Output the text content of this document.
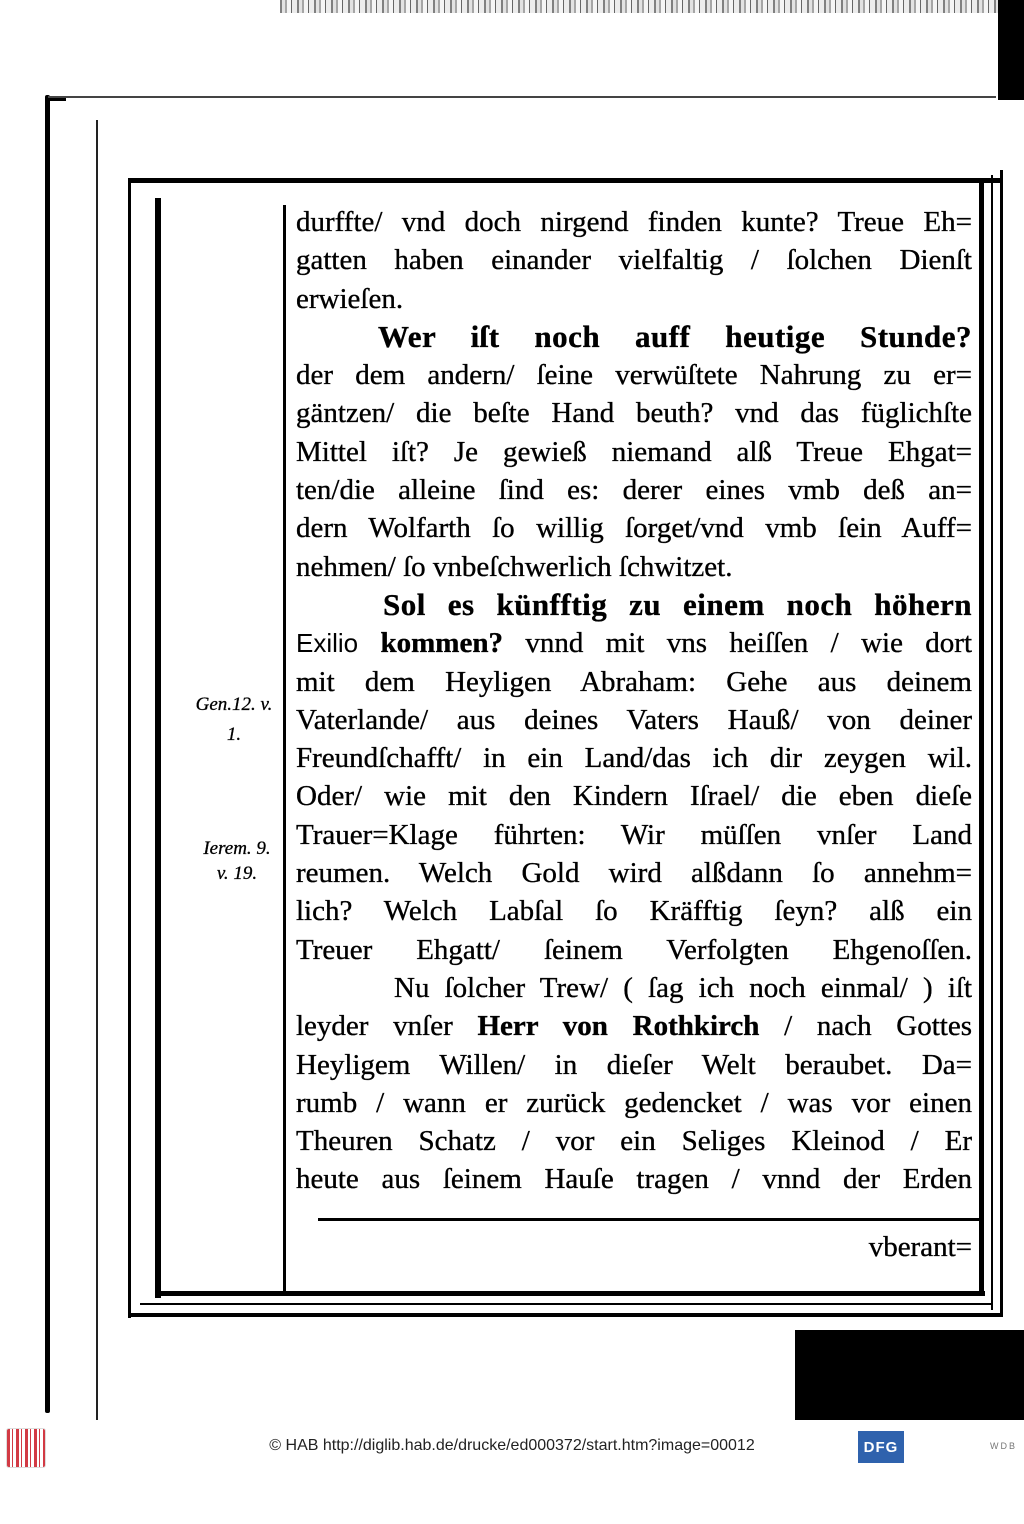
durffte/ vnd doch nirgend finden kunte? Treue Eh=
gatten haben einander vielfaltig / ſolchen Dienſt
erwieſen.
Wer iſt noch auff heutige Stunde?
der dem andern/ ſeine verwüſtete Nahrung zu er=
gäntzen/ die beſte Hand beuth? vnd das füglichſte
Mittel iſt? Je gewieß niemand alß Treue Ehgat=
ten/die alleine ſind es: derer eines vmb deß an=
dern Wolfarth ſo willig ſorget/vnd vmb ſein Auff=
nehmen/ ſo vnbeſchwerlich ſchwitzet.
Sol es künfftig zu einem noch höhern
Exilio kommen? vnnd mit vns heiſſen / wie dort
mit dem Heyligen Abraham: Gehe aus deinem
Vaterlande/ aus deines Vaters Hauß/ von deiner
Freundſchafft/ in ein Land/das ich dir zeygen wil.
Oder/ wie mit den Kindern Iſrael/ die eben dieſe
Trauer=Klage führten: Wir müſſen vnſer Land
reumen. Welch Gold wird alßdann ſo annehm=
lich? Welch Labſal ſo Kräfftig ſeyn? alß ein
Treuer Ehgatt/ ſeinem Verfolgten Ehgenoſſen.
Nu ſolcher Trew/ ( ſag ich noch einmal/ ) iſt
leyder vnſer Herr von Rothkirch / nach Gottes
Heyligem Willen/ in dieſer Welt beraubet. Da=
rumb / wann er zurück gedencket / was vor einen
Theuren Schatz / vor ein Seliges Kleinod / Er
heute aus ſeinem Hauſe tragen / vnnd der Erden
vberant=
Gen.12. v.
1.
Ierem. 9.
v. 19.
© HAB http://diglib.hab.de/drucke/ed000372/start.htm?image=00012	DFG	WDB
